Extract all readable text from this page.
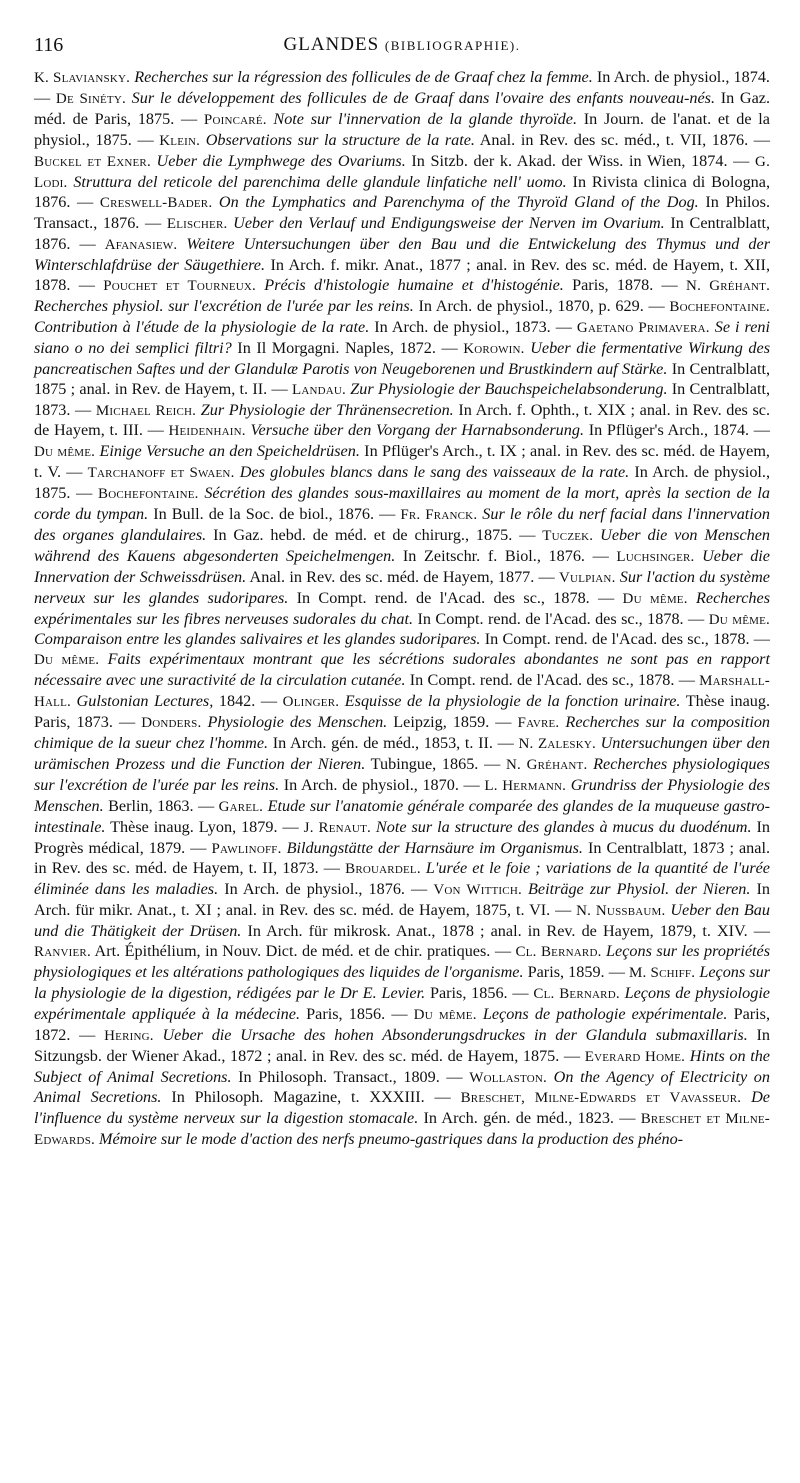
116	GLANDES (BIBLIOGRAPHIE).
K. Slaviansky. Recherches sur la régression des follicules de de Graaf chez la femme. In Arch. de physiol., 1874. — De Sinéty. Sur le développement des follicules de de Graaf dans l'ovaire des enfants nouveau-nés. In Gaz. méd. de Paris, 1875. — Poincaré. Note sur l'innervation de la glande thyroïde. In Journ. de l'anat. et de la physiol., 1875. — Klein. Observations sur la structure de la rate. Anal. in Rev. des sc. méd., t. VII, 1876. — Buckel et Exner. Ueber die Lymphwege des Ovariums. In Sitzb. der k. Akad. der Wiss. in Wien, 1874. — G. Lodi. Struttura del reticole del parenchima delle glandule linfatiche nell' uomo. In Rivista clinica di Bologna, 1876. — Creswell-Bader. On the Lymphatics and Parenchyma of the Thyroïd Gland of the Dog. In Philos. Transact., 1876. — Elischer. Ueber den Verlauf und Endigungsweise der Nerven im Ovarium. In Centralblatt, 1876. — Afanasiew. Weitere Untersuchungen über den Bau und die Entwickelung des Thymus und der Winterschlafdrüse der Säugethiere. In Arch. f. mikr. Anat., 1877 ; anal. in Rev. des sc. méd. de Hayem, t. XII, 1878. — Pouchet et Tourneux. Précis d'histologie humaine et d'histogénie. Paris, 1878. — N. Gréhant. Recherches physiol. sur l'excrétion de l'urée par les reins. In Arch. de physiol., 1870, p. 629. — Bochefontaine. Contribution à l'étude de la physiologie de la rate. In Arch. de physiol., 1873. — Gaetano Primavera. Se i reni siano o no dei semplici filtri? In Il Morgagni. Naples, 1872. — Korowin. Ueber die fermentative Wirkung des pancreatischen Saftes und der Glandulæ Parotis von Neugeborenen und Brustkindern auf Stärke. In Centralblatt, 1875 ; anal. in Rev. de Hayem, t. II. — Landau. Zur Physiologie der Bauchspeichelabsonderung. In Centralblatt, 1873. — Michael Reich. Zur Physiologie der Thränensecretion. In Arch. f. Ophth., t. XIX ; anal. in Rev. des sc. de Hayem, t. III. — Heidenhain. Versuche über den Vorgang der Harnabsonderung. In Pflüger's Arch., 1874. — Du même. Einige Versuche an den Speicheldrüsen. In Pflüger's Arch., t. IX ; anal. in Rev. des sc. méd. de Hayem, t. V. — Tarchanoff et Swaen. Des globules blancs dans le sang des vaisseaux de la rate. In Arch. de physiol., 1875. — Bochefontaine. Sécrétion des glandes sous-maxillaires au moment de la mort, après la section de la corde du tympan. In Bull. de la Soc. de biol., 1876. — Fr. Franck. Sur le rôle du nerf facial dans l'innervation des organes glandulaires. In Gaz. hebd. de méd. et de chirurg., 1875. — Tuczek. Ueber die von Menschen während des Kauens abgesonderten Speichelmengen. In Zeitschr. f. Biol., 1876. — Luchsinger. Ueber die Innervation der Schweissdrüsen. Anal. in Rev. des sc. méd. de Hayem, 1877. — Vulpian. Sur l'action du système nerveux sur les glandes sudoripares. In Compt. rend. de l'Acad. des sc., 1878. — Du même. Recherches expérimentales sur les fibres nerveuses sudorales du chat. In Compt. rend. de l'Acad. des sc., 1878. — Du même. Comparaison entre les glandes salivaires et les glandes sudoripares. In Compt. rend. de l'Acad. des sc., 1878. — Du même. Faits expérimentaux montrant que les sécrétions sudorales abondantes ne sont pas en rapport nécessaire avec une suractivité de la circulation cutanée. In Compt. rend. de l'Acad. des sc., 1878. — Marshall-Hall. Gulstonian Lectures, 1842. — Olinger. Esquisse de la physiologie de la fonction urinaire. Thèse inaug. Paris, 1873. — Donders. Physiologie des Menschen. Leipzig, 1859. — Favre. Recherches sur la composition chimique de la sueur chez l'homme. In Arch. gén. de méd., 1853, t. II. — N. Zalesky. Untersuchungen über den urämischen Prozess und die Function der Nieren. Tubingue, 1865. — N. Gréhant. Recherches physiologiques sur l'excrétion de l'urée par les reins. In Arch. de physiol., 1870. — L. Hermann. Grundriss der Physiologie des Menschen. Berlin, 1863. — Garel. Etude sur l'anatomie générale comparée des glandes de la muqueuse gastro-intestinale. Thèse inaug. Lyon, 1879. — J. Renaut. Note sur la structure des glandes à mucus du duodénum. In Progrès médical, 1879. — Pawlinoff. Bildungstätte der Harnsäure im Organismus. In Centralblatt, 1873 ; anal. in Rev. des sc. méd. de Hayem, t. II, 1873. — Brouardel. L'urée et le foie ; variations de la quantité de l'urée éliminée dans les maladies. In Arch. de physiol., 1876. — Von Wittich. Beiträge zur Physiol. der Nieren. In Arch. für mikr. Anat., t. XI ; anal. in Rev. des sc. méd. de Hayem, 1875, t. VI. — N. Nussbaum. Ueber den Bau und die Thätigkeit der Drüsen. In Arch. für mikrosk. Anat., 1878 ; anal. in Rev. de Hayem, 1879, t. XIV. — Ranvier. Art. Épithélium, in Nouv. Dict. de méd. et de chir. pratiques. — Cl. Bernard. Leçons sur les propriétés physiologiques et les altérations pathologiques des liquides de l'organisme. Paris, 1859. — M. Schiff. Leçons sur la physiologie de la digestion, rédigées par le Dr E. Levier. Paris, 1856. — Cl. Bernard. Leçons de physiologie expérimentale appliquée à la médecine. Paris, 1856. — Du même. Leçons de pathologie expérimentale. Paris, 1872. — Hering. Ueber die Ursache des hohen Absonderungsdruckes in der Glandula submaxillaris. In Sitzungsb. der Wiener Akad., 1872 ; anal. in Rev. des sc. méd. de Hayem, 1875. — Everard Home. Hints on the Subject of Animal Secretions. In Philosoph. Transact., 1809. — Wollaston. On the Agency of Electricity on Animal Secretions. In Philosoph. Magazine, t. XXXIII. — Breschet, Milne-Edwards et Vavasseur. De l'influence du système nerveux sur la digestion stomacale. In Arch. gén. de méd., 1823. — Breschet et Milne-Edwards. Mémoire sur le mode d'action des nerfs pneumo-gastriques dans la production des phéno-
